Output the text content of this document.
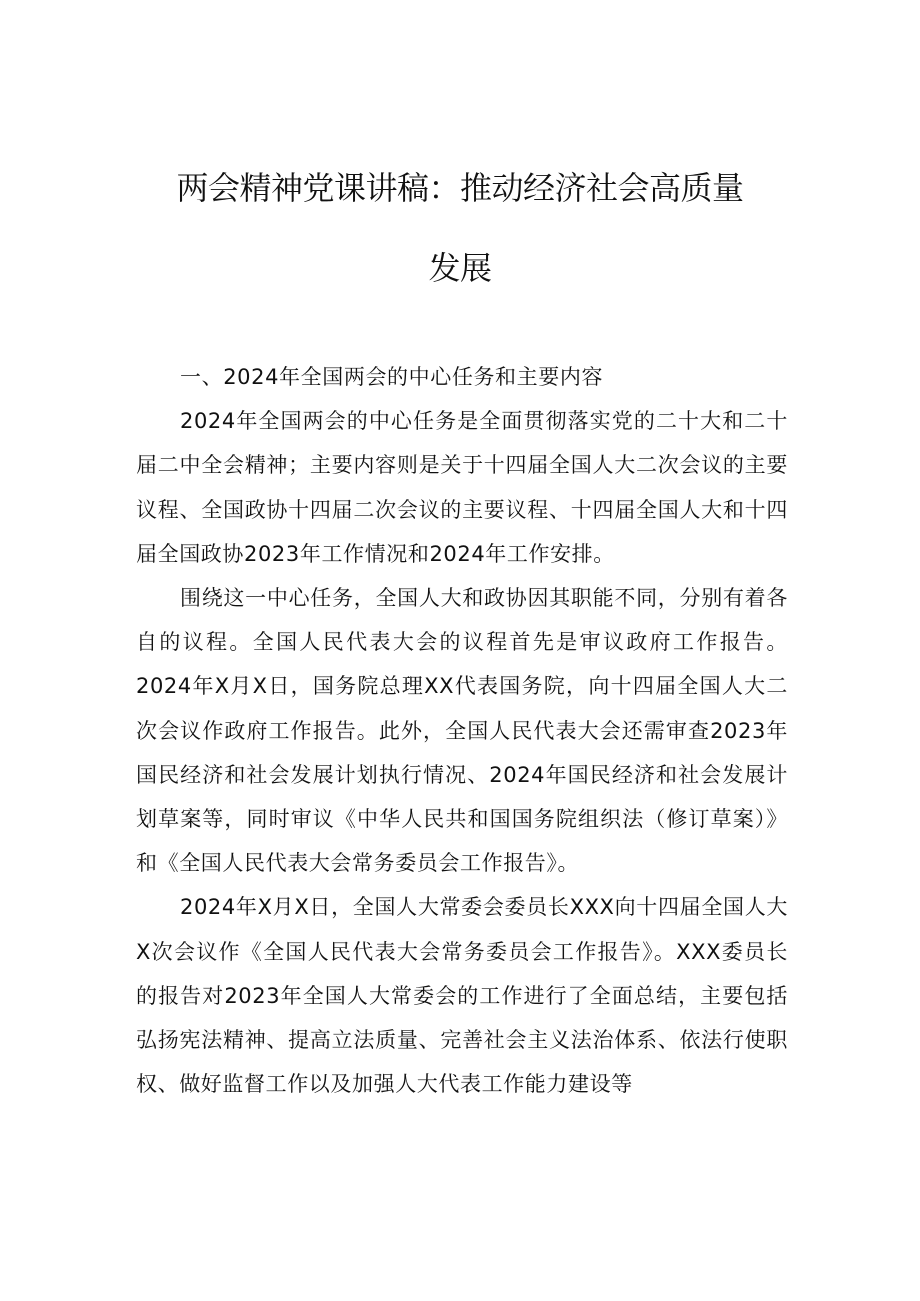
两会精神党课讲稿：推动经济社会高质量
发展

一、2024年全国两会的中心任务和主要内容

2024年全国两会的中心任务是全面贯彻落实党的二十大和二十届二中全会精神；主要内容则是关于十四届全国人大二次会议的主要议程、全国政协十四届二次会议的主要议程、十四届全国人大和十四届全国政协2023年工作情况和2024年工作安排。

围绕这一中心任务，全国人大和政协因其职能不同，分别有着各自的议程。全国人民代表大会的议程首先是审议政府工作报告。2024年X月X日，国务院总理XX代表国务院，向十四届全国人大二次会议作政府工作报告。此外，全国人民代表大会还需审查2023年国民经济和社会发展计划执行情况、2024年国民经济和社会发展计划草案等，同时审议《中华人民共和国国务院组织法（修订草案）》和《全国人民代表大会常务委员会工作报告》。

2024年X月X日，全国人大常委会委员长XXX向十四届全国人大X次会议作《全国人民代表大会常务委员会工作报告》。XXX委员长的报告对2023年全国人大常委会的工作进行了全面总结，主要包括弘扬宪法精神、提高立法质量、完善社会主义法治体系、依法行使职权、做好监督工作以及加强人大代表工作能力建设等
